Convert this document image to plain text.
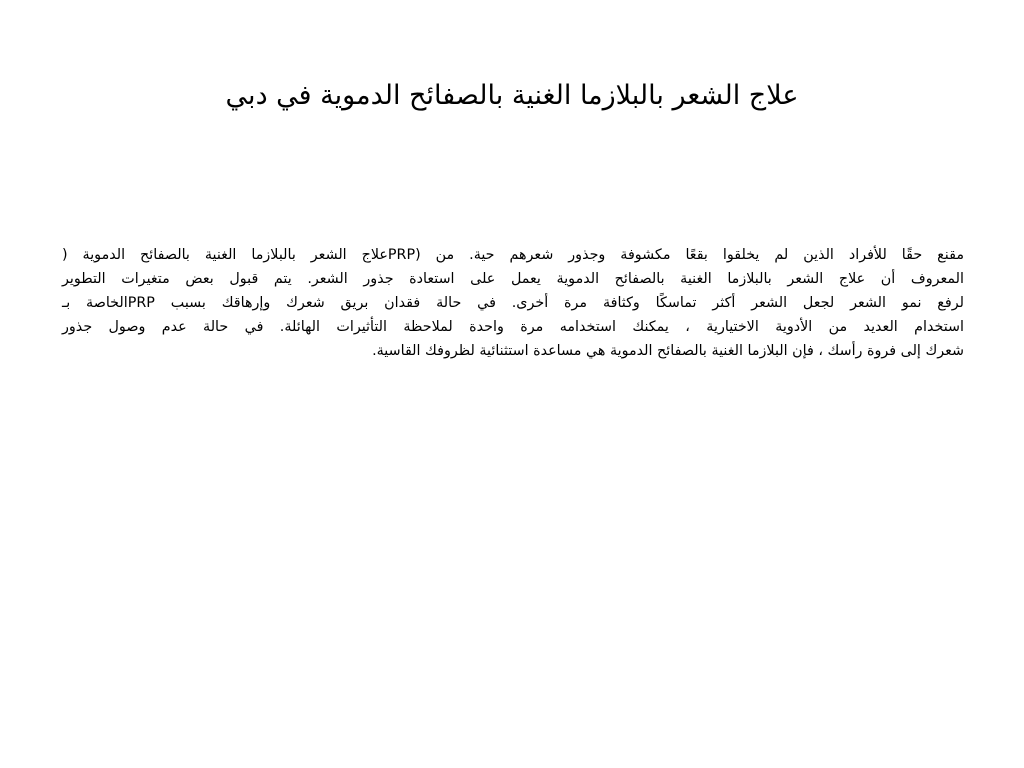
علاج الشعر بالبلازما الغنية بالصفائح الدموية في دبي
مقنع حقًا للأفراد الذين لم يخلقوا بقعًا مكشوفة وجذور شعرهم حية. من (PRPعلاج الشعر بالبلازما الغنية بالصفائح الدموية (
المعروف أن علاج الشعر بالبلازما الغنية بالصفائح الدموية يعمل على استعادة جذور الشعر. يتم قبول بعض متغيرات التطوير
لرفع نمو الشعر لجعل الشعر أكثر تماسكًا وكثافة مرة أخرى. في حالة فقدان بريق شعرك وإرهاقك بسبب PRPالخاصة بـ
استخدام العديد من الأدوية الاختيارية ، يمكنك استخدامه مرة واحدة لملاحظة التأثيرات الهائلة. في حالة عدم وصول جذور
شعرك إلى فروة رأسك ، فإن البلازما الغنية بالصفائح الدموية هي مساعدة استثنائية لظروفك القاسية.
